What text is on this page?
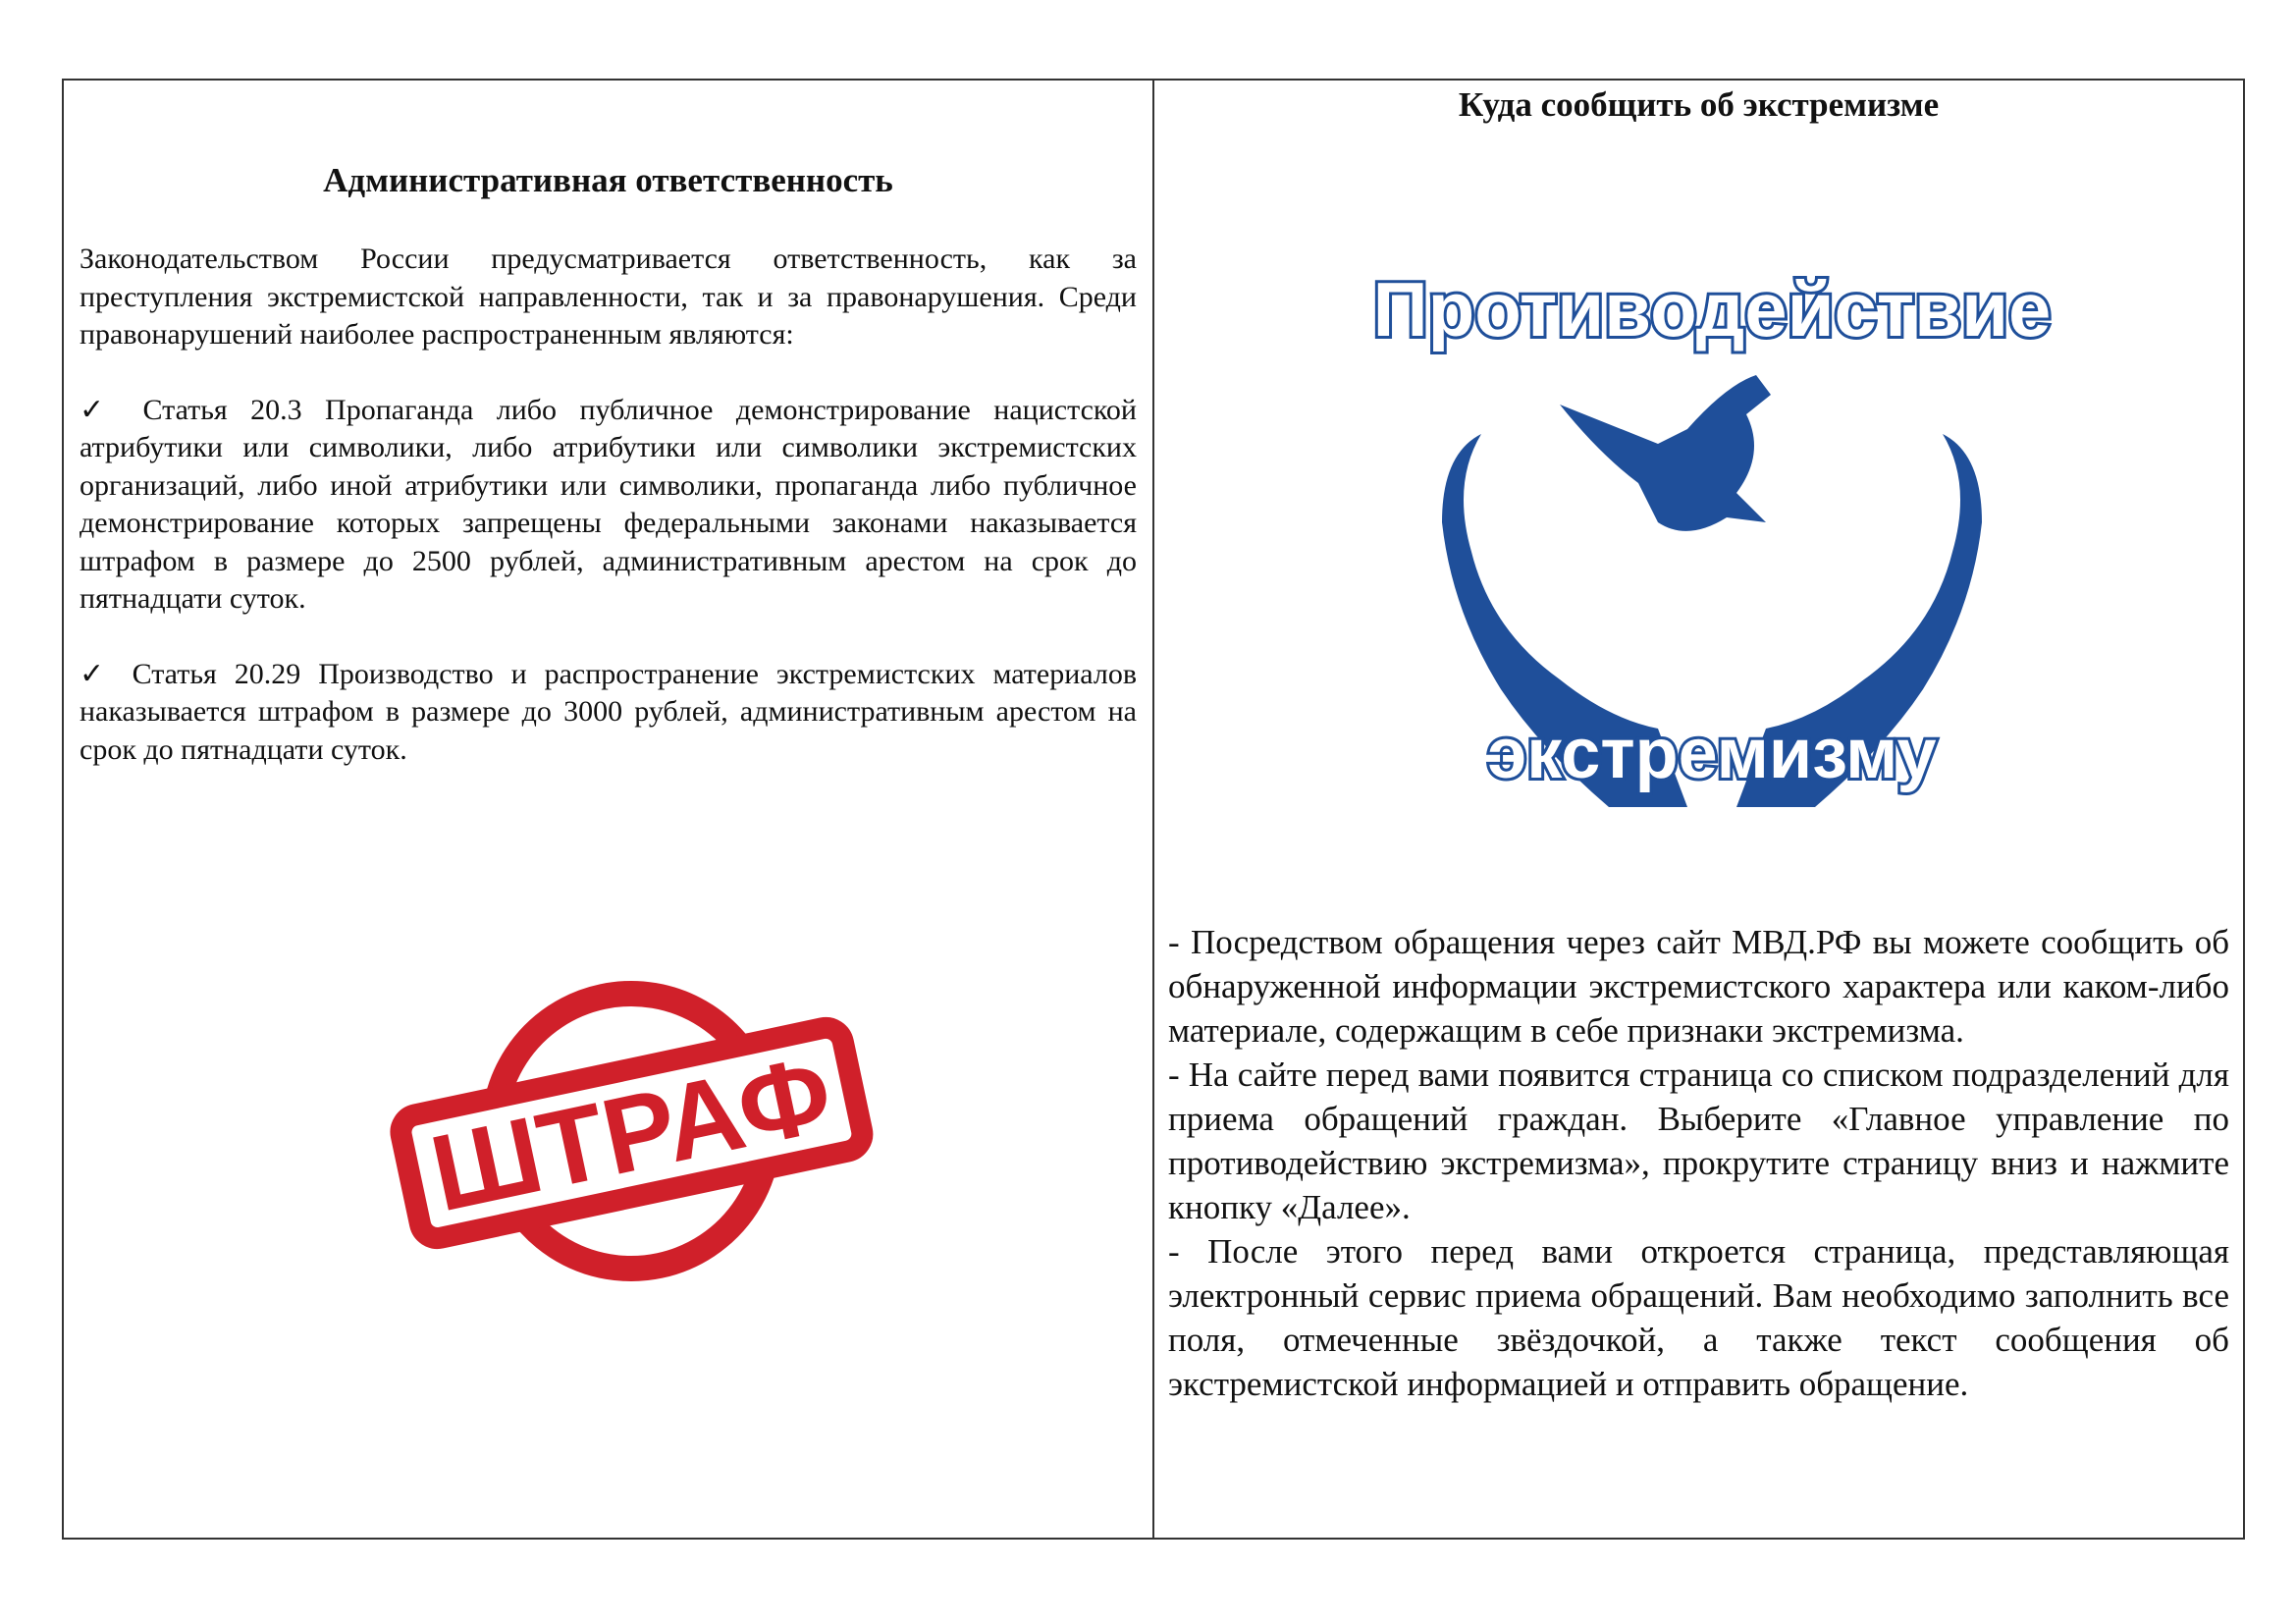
Административная ответственность

Законодательством России предусматривается ответственность, как за преступления экстремистской направленности, так и за правонарушения. Среди правонарушений наиболее распространенным являются:

✓ Статья 20.3 Пропаганда либо публичное демонстрирование нацистской атрибутики или символики, либо атрибутики или символики экстремистских организаций, либо иной атрибутики или символики, пропаганда либо публичное демонстрирование которых запрещены федеральными законами наказывается штрафом в размере до 2500 рублей, административным арестом на срок до пятнадцати суток.

✓ Статья 20.29 Производство и распространение экстремистских материалов наказывается штрафом в размере до 3000 рублей, административным арестом на срок до пятнадцати суток.

ШТРАФ
Куда сообщить об экстремизме
Противодействие
экстремизму

- Посредством обращения через сайт МВД.РФ вы можете сообщить об обнаруженной информации экстремистского характера или каком-либо материале, содержащим в себе признаки экстремизма.

- На сайте перед вами появится страница со списком подразделений для приема обращений граждан. Выберите «Главное управление по противодействию экстремизма», прокрутите страницу вниз и нажмите кнопку «Далее».

- После этого перед вами откроется страница, представляющая электронный сервис приема обращений. Вам необходимо заполнить все поля, отмеченные звёздочкой, а также текст сообщения об экстремистской информацией и отправить обращение.
